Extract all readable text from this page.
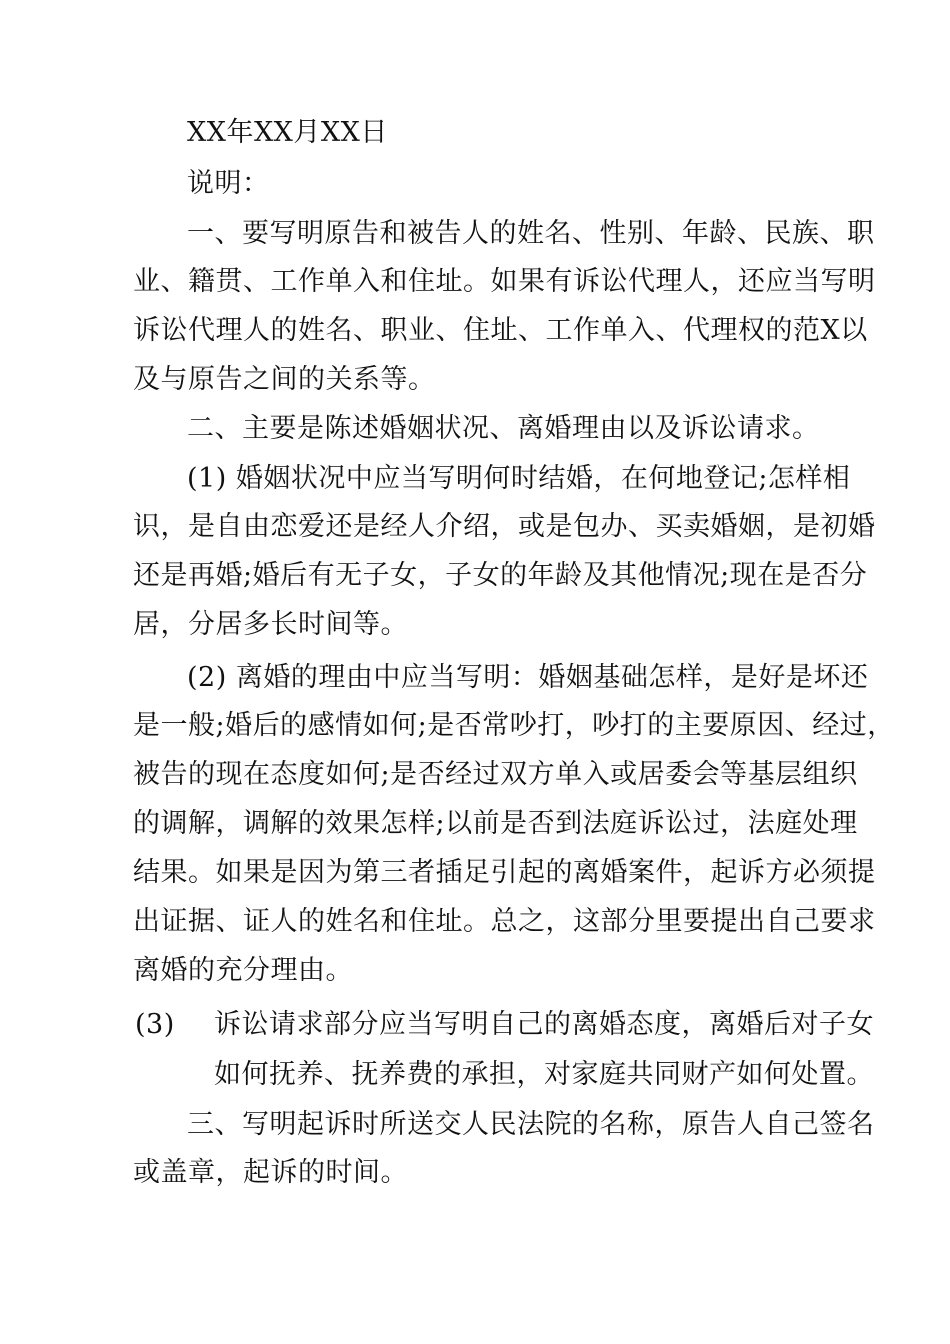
XX年XX月XX日
说明：
一、要写明原告和被告人的姓名、性别、年龄、民族、职
业、籍贯、工作单入和住址。如果有诉讼代理人，还应当写明
诉讼代理人的姓名、职业、住址、工作单入、代理权的范X以
及与原告之间的关系等。
二、主要是陈述婚姻状况、离婚理由以及诉讼请求。
(1) 婚姻状况中应当写明何时结婚，在何地登记;怎样相
识，是自由恋爱还是经人介绍，或是包办、买卖婚姻，是初婚
还是再婚;婚后有无子女，子女的年龄及其他情况;现在是否分
居，分居多长时间等。
(2) 离婚的理由中应当写明：婚姻基础怎样，是好是坏还
是一般;婚后的感情如何;是否常吵打，吵打的主要原因、经过，
被告的现在态度如何;是否经过双方单入或居委会等基层组织
的调解，调解的效果怎样;以前是否到法庭诉讼过，法庭处理
结果。如果是因为第三者插足引起的离婚案件，起诉方必须提
出证据、证人的姓名和住址。总之，这部分里要提出自己要求
离婚的充分理由。
(3) 诉讼请求部分应当写明自己的离婚态度，离婚后对子女
如何抚养、抚养费的承担，对家庭共同财产如何处置。
三、写明起诉时所送交人民法院的名称，原告人自己签名
或盖章，起诉的时间。
